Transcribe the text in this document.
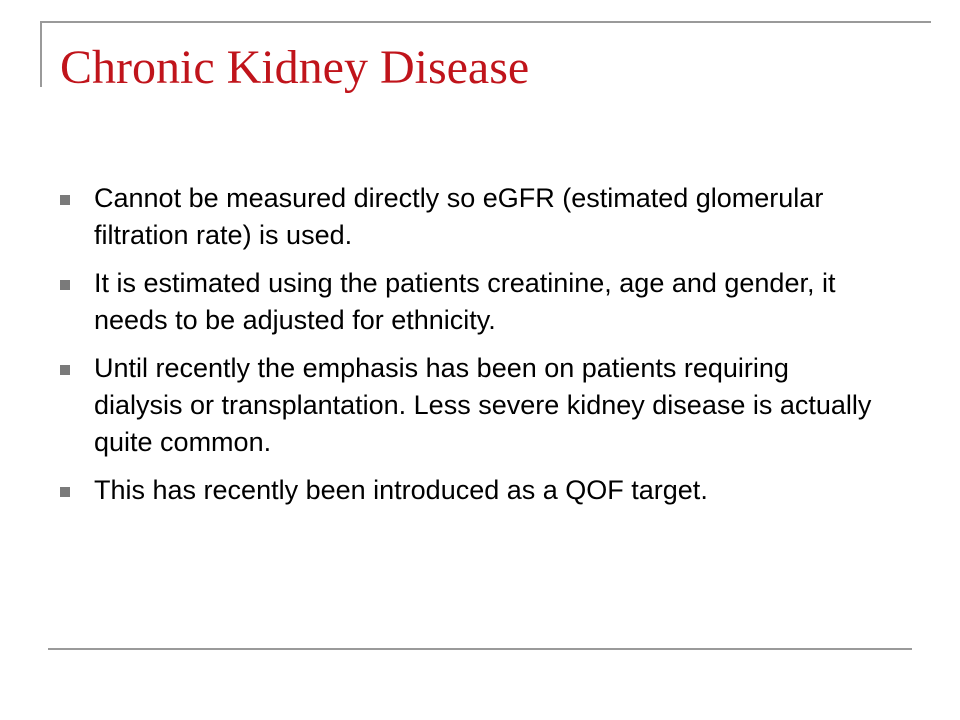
Chronic Kidney Disease
Cannot be measured directly so eGFR (estimated glomerular filtration rate) is used.
It is estimated using the patients creatinine, age and gender, it needs to be adjusted for ethnicity.
Until recently the emphasis has been on patients requiring dialysis or transplantation. Less severe kidney disease is actually quite common.
This has recently been introduced as a QOF target.
